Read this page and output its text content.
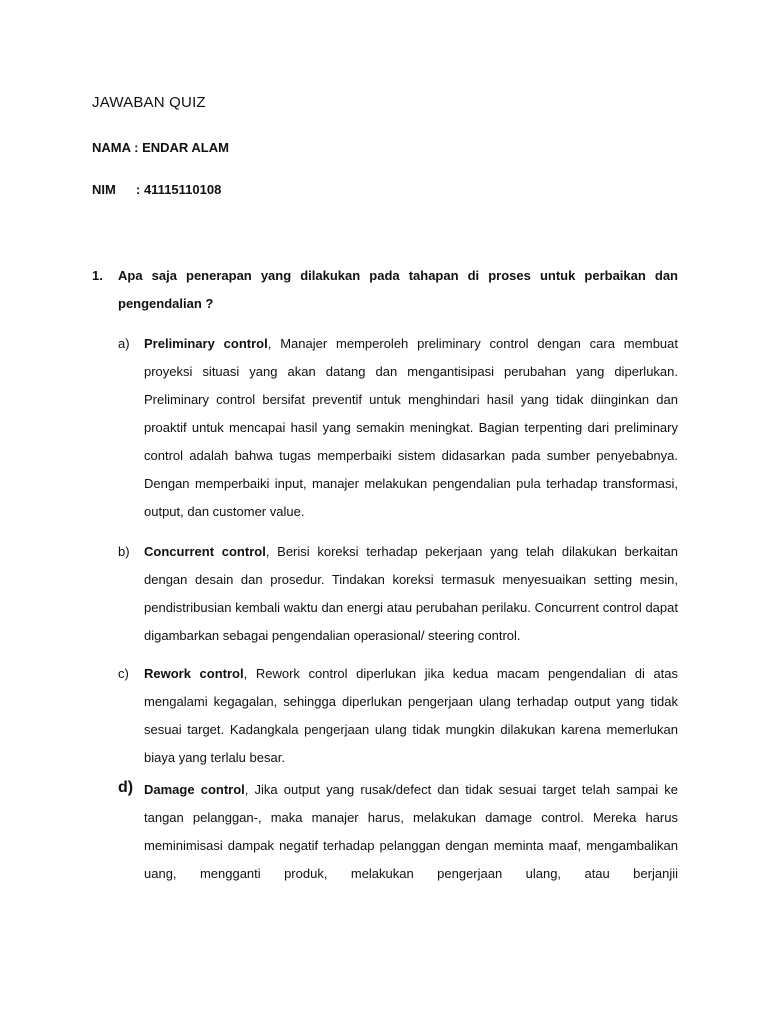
JAWABAN QUIZ
NAMA : ENDAR ALAM
NIM : 41115110108
1. Apa saja penerapan yang dilakukan pada tahapan di proses untuk perbaikan dan pengendalian ?
a) Preliminary control, Manajer memperoleh preliminary control dengan cara membuat proyeksi situasi yang akan datang dan mengantisipasi perubahan yang diperlukan. Preliminary control bersifat preventif untuk menghindari hasil yang tidak diinginkan dan proaktif untuk mencapai hasil yang semakin meningkat. Bagian terpenting dari preliminary control adalah bahwa tugas memperbaiki sistem didasarkan pada sumber penyebabnya. Dengan memperbaiki input, manajer melakukan pengendalian pula terhadap transformasi, output, dan customer value.
b) Concurrent control, Berisi koreksi terhadap pekerjaan yang telah dilakukan berkaitan dengan desain dan prosedur. Tindakan koreksi termasuk menyesuaikan setting mesin, pendistribusian kembali waktu dan energi atau perubahan perilaku. Concurrent control dapat digambarkan sebagai pengendalian operasional/ steering control.
c) Rework control, Rework control diperlukan jika kedua macam pengendalian di atas mengalami kegagalan, sehingga diperlukan pengerjaan ulang terhadap output yang tidak sesuai target. Kadangkala pengerjaan ulang tidak mungkin dilakukan karena memerlukan biaya yang terlalu besar.
d) Damage control, Jika output yang rusak/defect dan tidak sesuai target telah sampai ke tangan pelanggan-, maka manajer harus, melakukan damage control. Mereka harus meminimisasi dampak negatif terhadap pelanggan dengan meminta maaf, mengambalikan uang, mengganti produk, melakukan pengerjaan ulang, atau berjanjii
